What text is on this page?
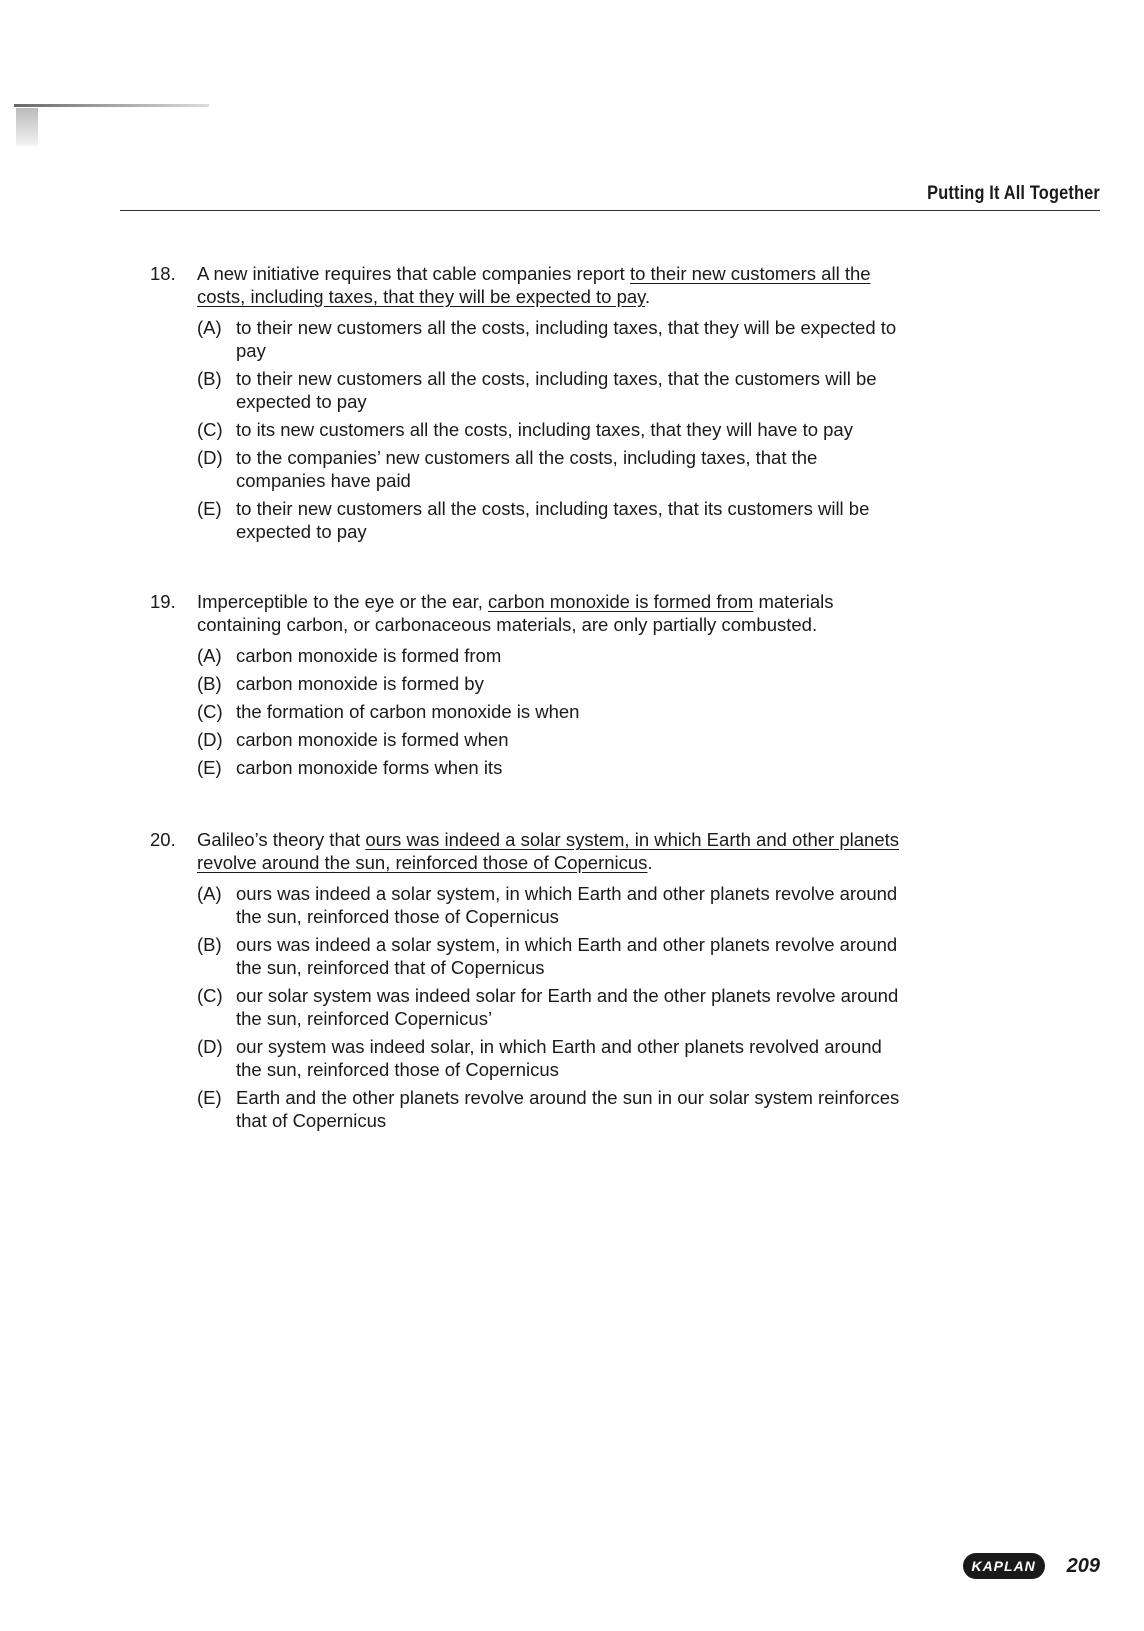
Putting It All Together
18.	A new initiative requires that cable companies report to their new customers all the costs, including taxes, that they will be expected to pay.
(A) to their new customers all the costs, including taxes, that they will be expected to pay
(B) to their new customers all the costs, including taxes, that the customers will be expected to pay
(C) to its new customers all the costs, including taxes, that they will have to pay
(D) to the companies’ new customers all the costs, including taxes, that the companies have paid
(E) to their new customers all the costs, including taxes, that its customers will be expected to pay
19.	Imperceptible to the eye or the ear, carbon monoxide is formed from materials containing carbon, or carbonaceous materials, are only partially combusted.
(A) carbon monoxide is formed from
(B) carbon monoxide is formed by
(C) the formation of carbon monoxide is when
(D) carbon monoxide is formed when
(E) carbon monoxide forms when its
20.	Galileo’s theory that ours was indeed a solar system, in which Earth and other planets revolve around the sun, reinforced those of Copernicus.
(A) ours was indeed a solar system, in which Earth and other planets revolve around the sun, reinforced those of Copernicus
(B) ours was indeed a solar system, in which Earth and other planets revolve around the sun, reinforced that of Copernicus
(C) our solar system was indeed solar for Earth and the other planets revolve around the sun, reinforced Copernicus’
(D) our system was indeed solar, in which Earth and other planets revolved around the sun, reinforced those of Copernicus
(E) Earth and the other planets revolve around the sun in our solar system reinforces that of Copernicus
KAPLAN	209
